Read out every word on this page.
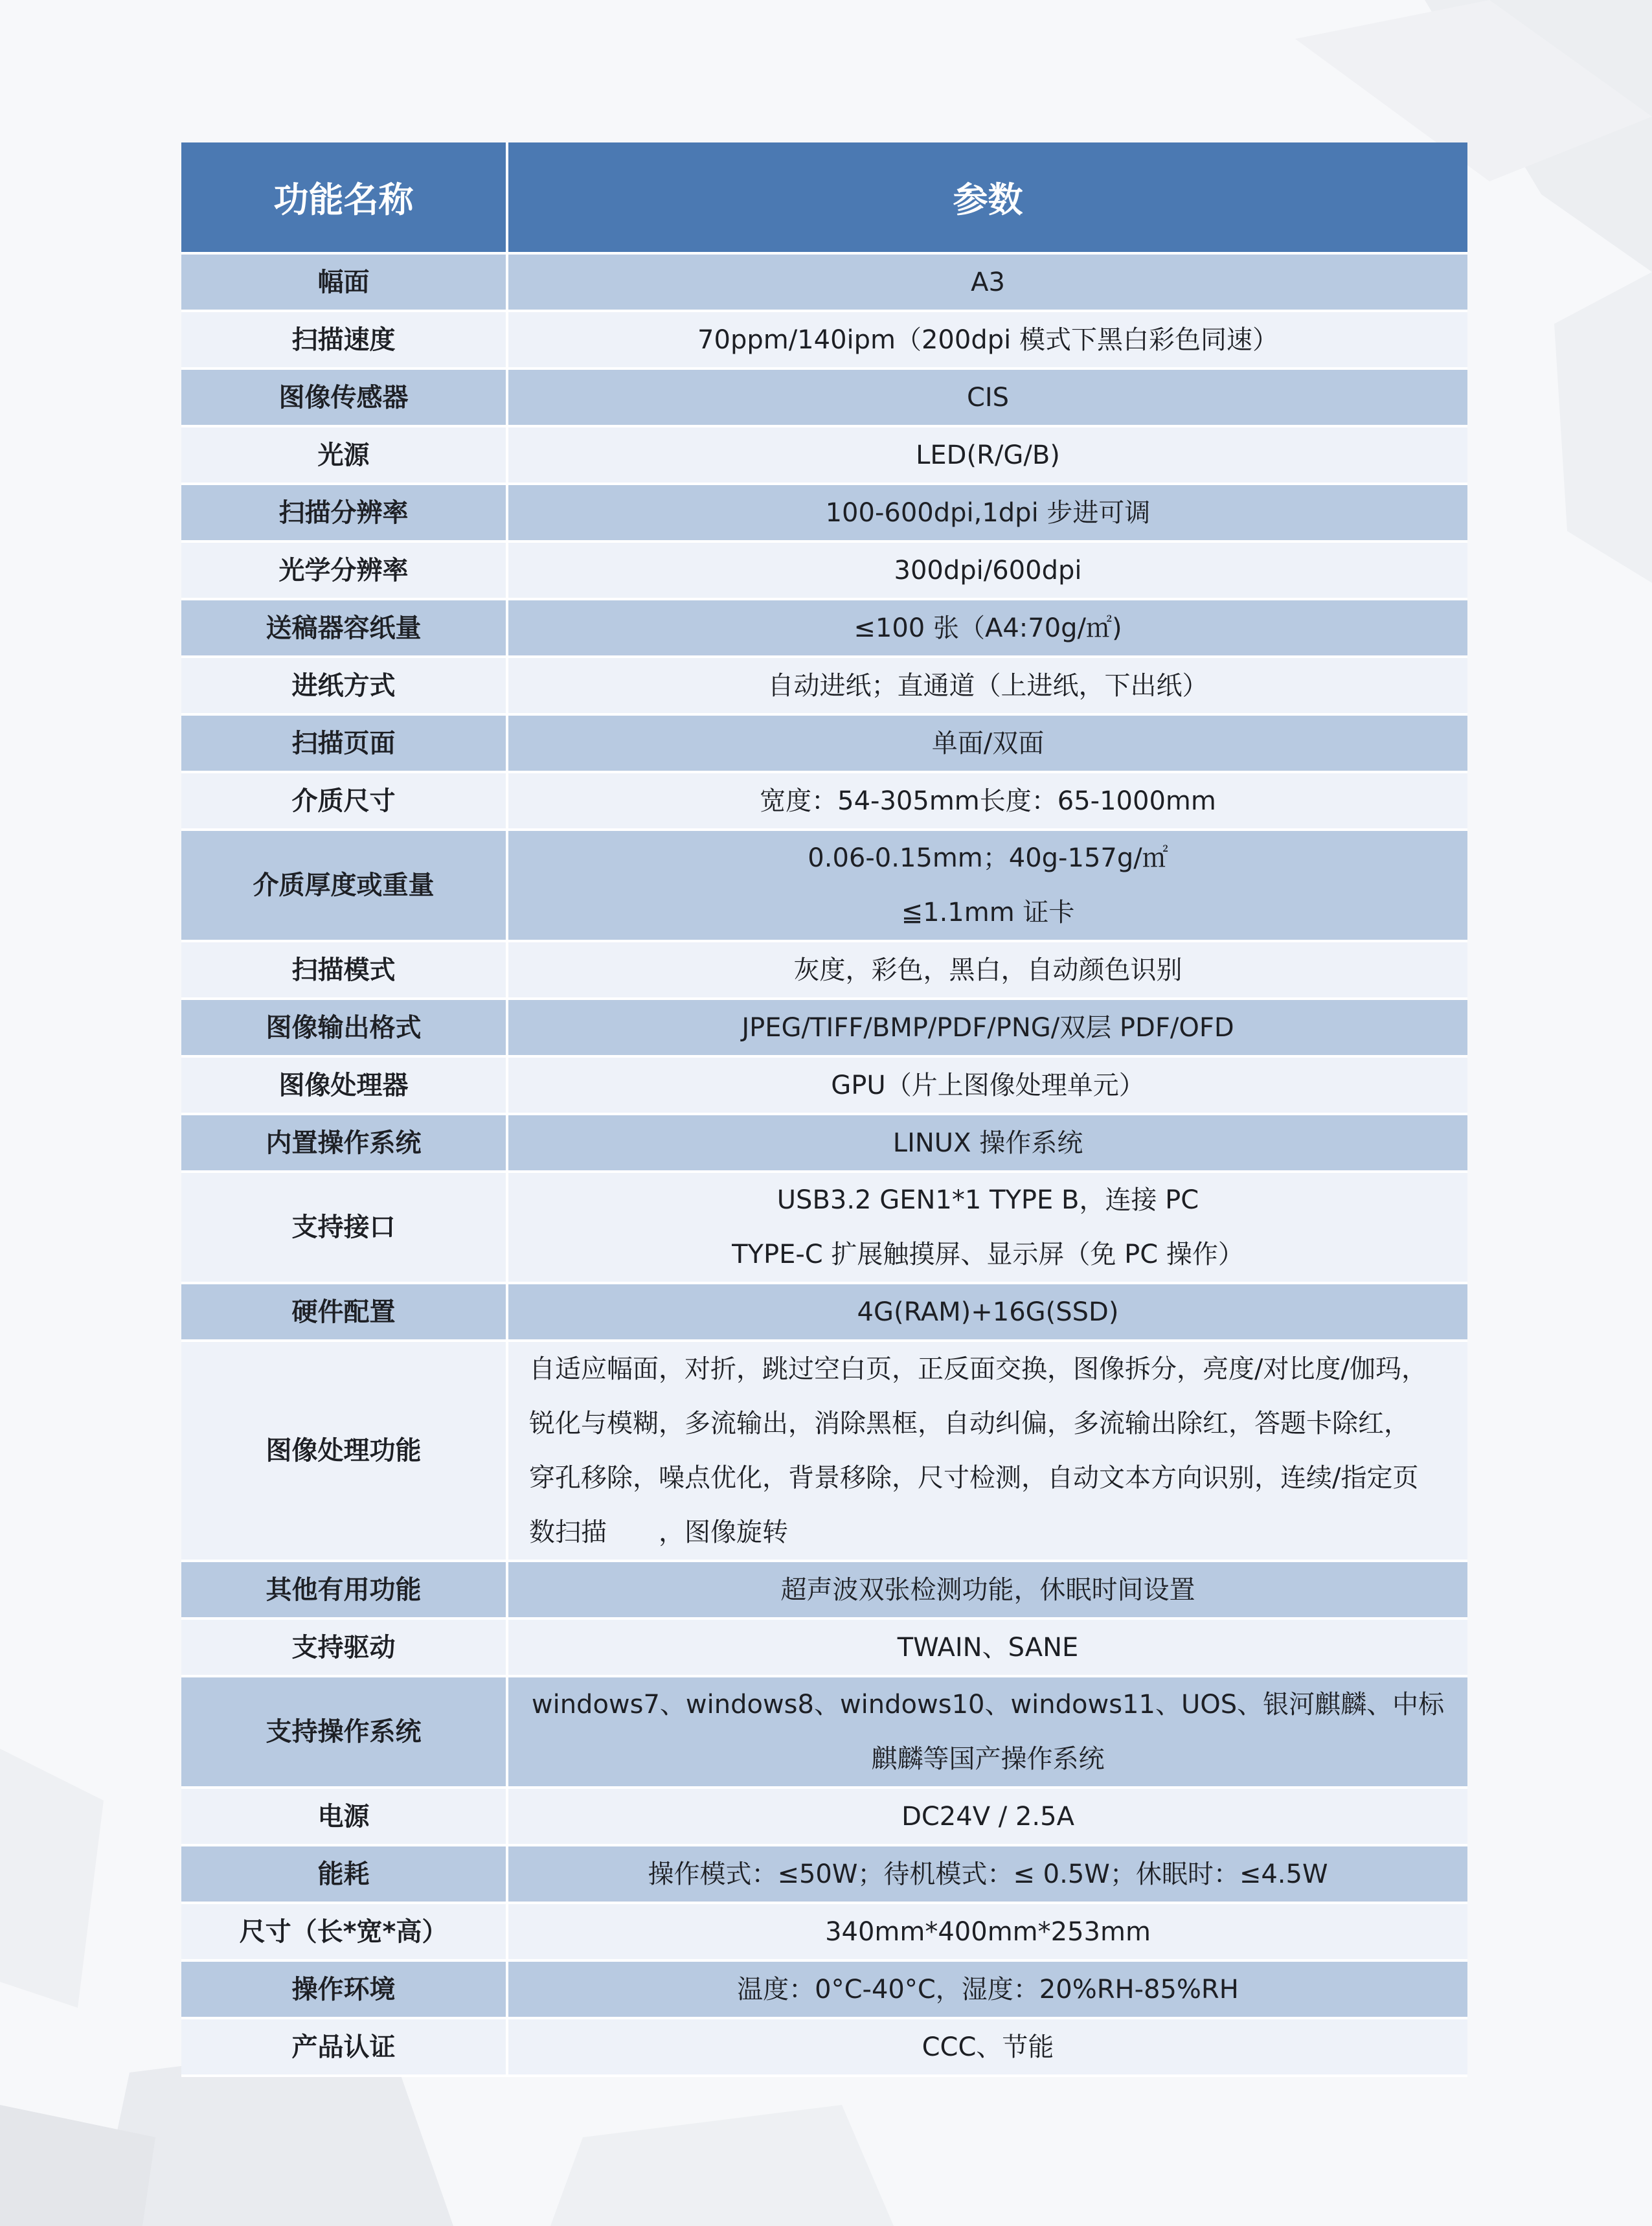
功能名称	参数
幅面	A3

扫描速度	70ppm/140ipm（200dpi 模式下黑白彩色同速）

图像传感器	CIS

光源	LED(R/G/B)

扫描分辨率	100-600dpi,1dpi 步进可调

光学分辨率	300dpi/600dpi

送稿器容纸量	≤100 张（A4:70g/㎡)

进纸方式	自动进纸；直通道（上进纸，下出纸）

扫描页面	单面/双面

介质尺寸	宽度：54-305mm长度：65-1000mm

介质厚度或重量	0.06-0.15mm；40g-157g/㎡
≦1.1mm 证卡

扫描模式	灰度，彩色，黑白，自动颜色识别

图像输出格式	JPEG/TIFF/BMP/PDF/PNG/双层 PDF/OFD

图像处理器	GPU（片上图像处理单元）

内置操作系统	LINUX 操作系统

支持接口	USB3.2 GEN1*1 TYPE B，连接 PC
TYPE-C 扩展触摸屏、显示屏（免 PC 操作）

硬件配置	4G(RAM)+16G(SSD)

图像处理功能	自适应幅面，对折，跳过空白页，正反面交换，图像拆分，亮度/对比度/伽玛，
锐化与模糊，多流输出，消除黑框，自动纠偏，多流输出除红，答题卡除红，
穿孔移除，噪点优化，背景移除，尺寸检测，自动文本方向识别，连续/指定页
数扫描　　，图像旋转

其他有用功能	超声波双张检测功能，休眠时间设置

支持驱动	TWAIN、SANE

支持操作系统	windows7、windows8、windows10、windows11、UOS、银河麒麟、中标
麒麟等国产操作系统

电源	DC24V / 2.5A

能耗	操作模式：≤50W；待机模式：≤ 0.5W；休眠时：≤4.5W

尺寸（长*宽*高）	340mm*400mm*253mm

操作环境	温度：0°C-40°C，湿度：20%RH-85%RH

产品认证	CCC、节能
